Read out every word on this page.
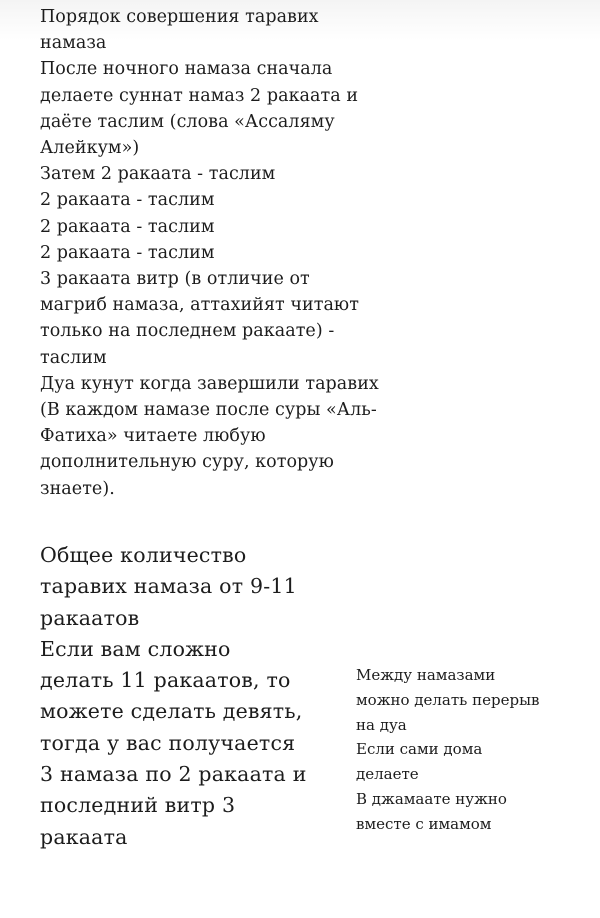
Порядок совершения таравих
намаза
После ночного намаза сначала
делаете суннат намаз 2 ракаата и
даёте таслим (слова «Ассаляму
Алейкум»)
Затем 2 ракаата - таслим
2 ракаата - таслим
2 ракаата - таслим
2 ракаата - таслим
3 ракаата витр (в отличие от
магриб намаза, аттахийят читают
только на последнем ракаате) -
таслим
Дуа кунут когда завершили таравих
(В каждом намазе после суры «Аль-
Фатиха» читаете любую
дополнительную суру, которую
знаете).
Общее количество
таравих намаза от 9-11
ракаатов
Если вам сложно
делать 11 ракаатов, то
можете сделать девять,
тогда у вас получается
3 намаза по 2 ракаата и
последний витр 3
ракаата
Между намазами
можно делать перерыв
на дуа
Если сами дома
делаете
В джамаате нужно
вместе с имамом
